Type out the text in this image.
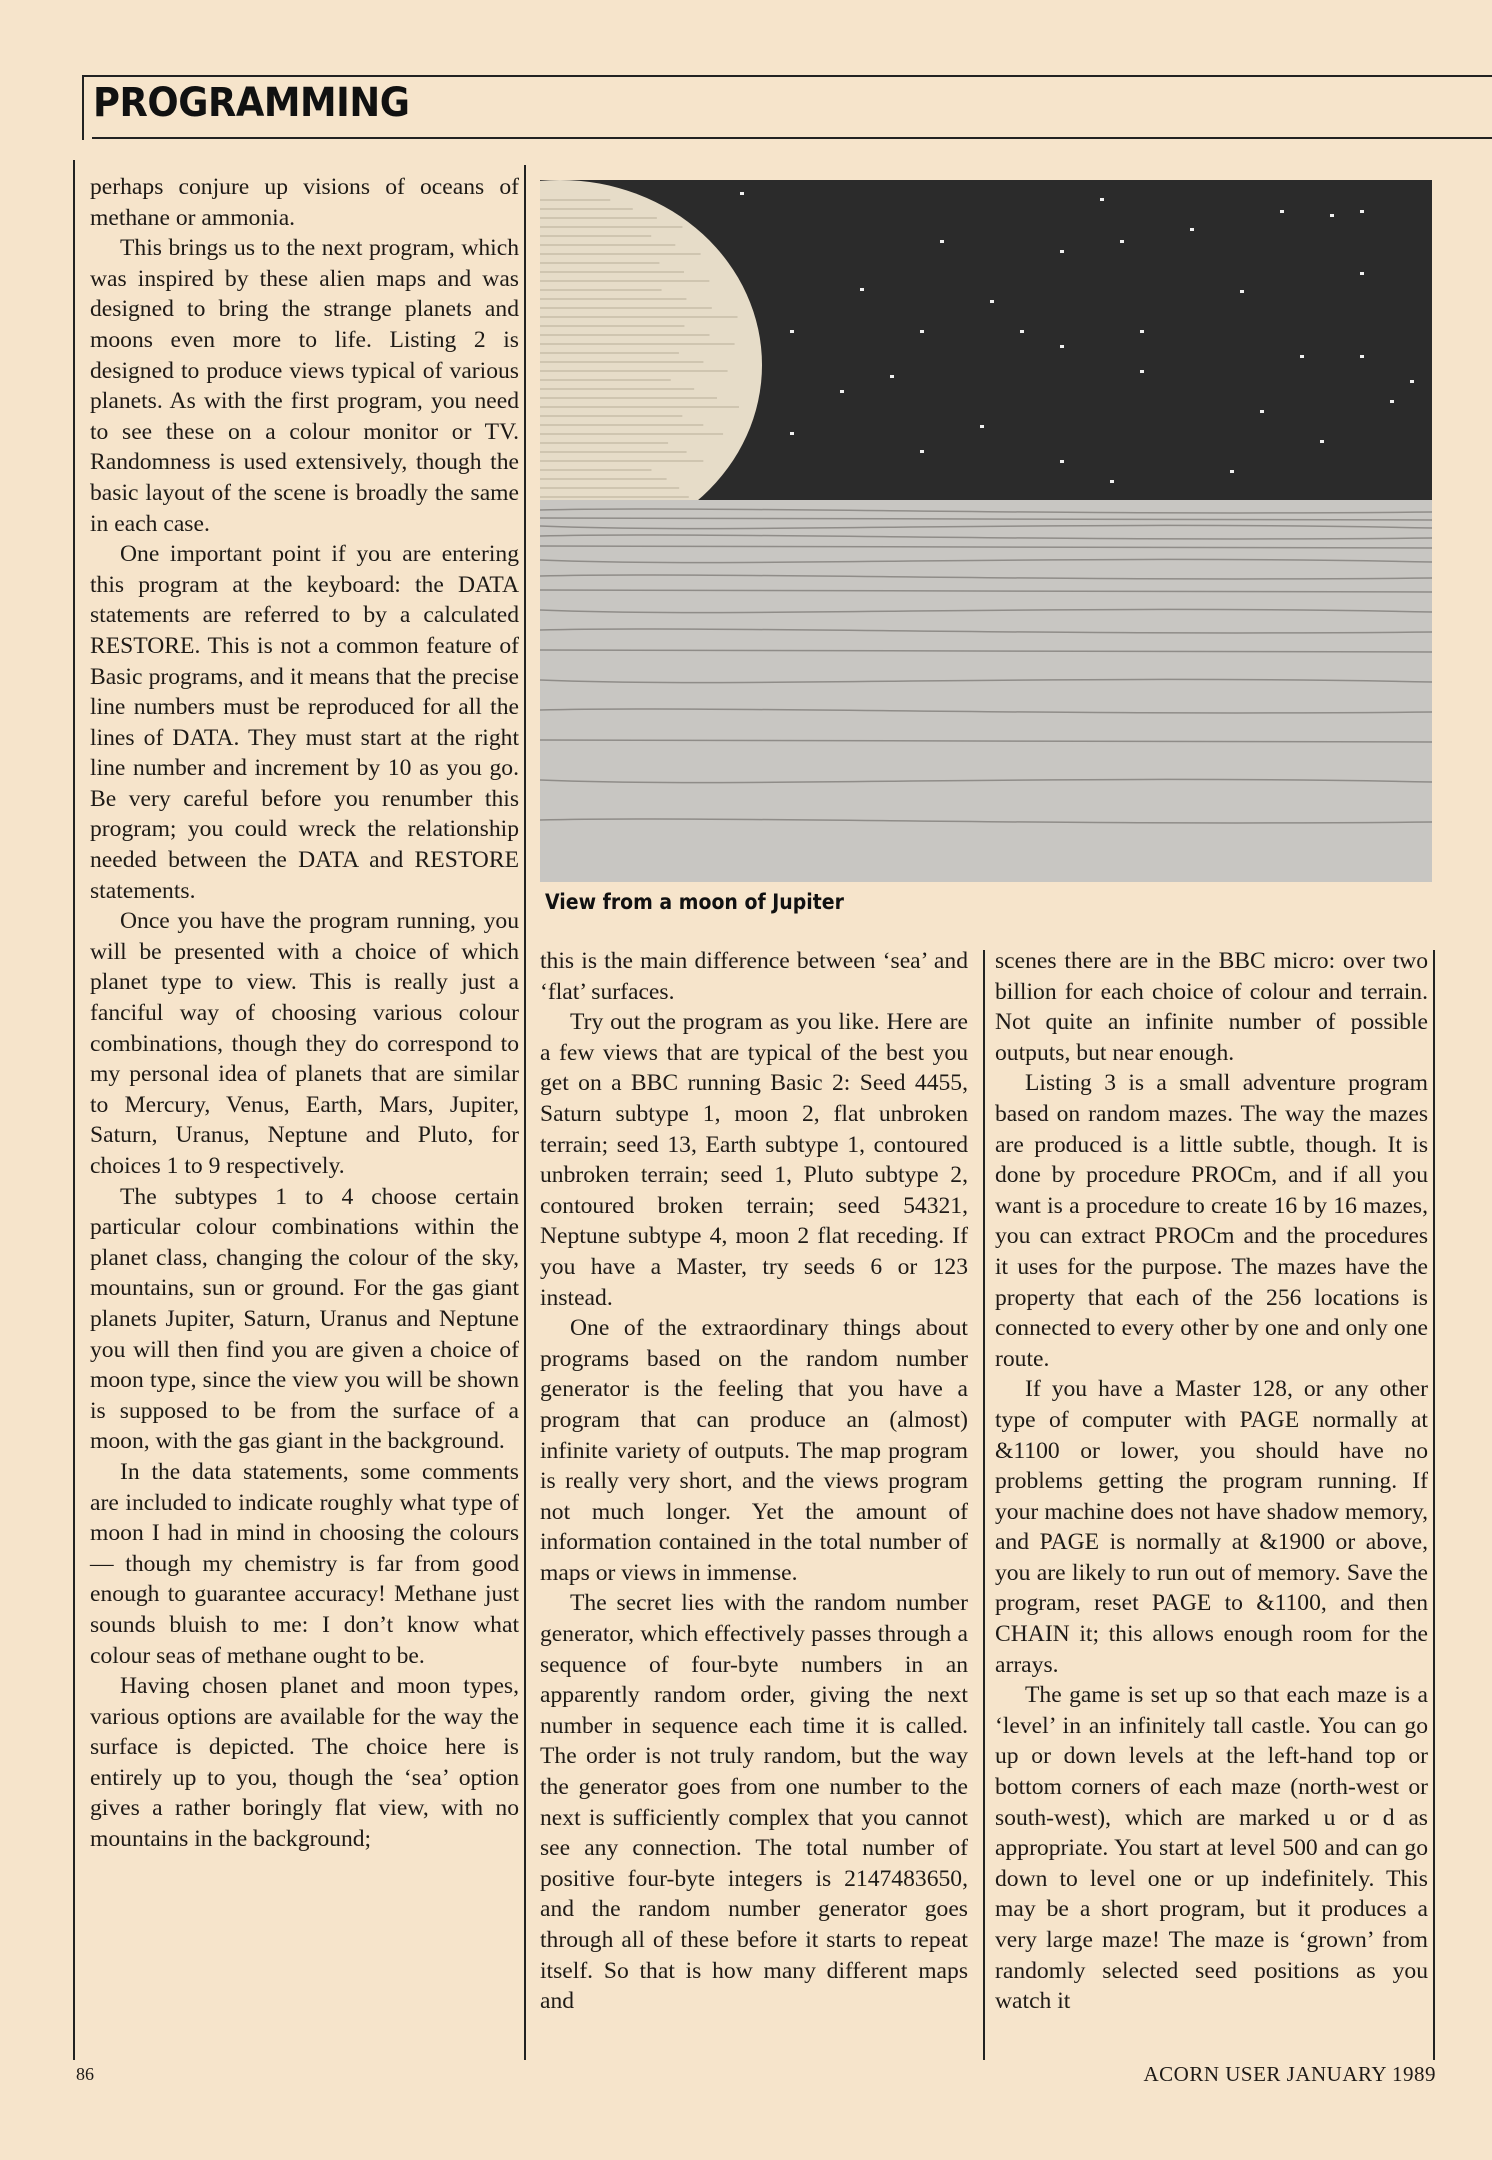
PROGRAMMING

perhaps conjure up visions of oceans of methane or ammonia.

This brings us to the next program, which was inspired by these alien maps and was designed to bring the strange planets and moons even more to life. Listing 2 is designed to produce views typical of various planets. As with the first program, you need to see these on a colour monitor or TV. Randomness is used extensively, though the basic layout of the scene is broadly the same in each case.

One important point if you are entering this program at the keyboard: the DATA statements are referred to by a calculated RESTORE. This is not a common feature of Basic programs, and it means that the precise line numbers must be reproduced for all the lines of DATA. They must start at the right line number and increment by 10 as you go. Be very careful before you renumber this program; you could wreck the relationship needed between the DATA and RESTORE statements.

Once you have the program running, you will be presented with a choice of which planet type to view. This is really just a fanciful way of choosing various colour combinations, though they do correspond to my personal idea of planets that are similar to Mercury, Venus, Earth, Mars, Jupiter, Saturn, Uranus, Neptune and Pluto, for choices 1 to 9 respectively.

The subtypes 1 to 4 choose certain particular colour combinations within the planet class, changing the colour of the sky, mountains, sun or ground. For the gas giant planets Jupiter, Saturn, Uranus and Neptune you will then find you are given a choice of moon type, since the view you will be shown is supposed to be from the surface of a moon, with the gas giant in the background.

In the data statements, some comments are included to indicate roughly what type of moon I had in mind in choosing the colours — though my chemistry is far from good enough to guarantee accuracy! Methane just sounds bluish to me: I don’t know what colour seas of methane ought to be.

Having chosen planet and moon types, various options are available for the way the surface is depicted. The choice here is entirely up to you, though the ‘sea’ option gives a rather boringly flat view, with no mountains in the background;

View from a moon of Jupiter

this is the main difference between ‘sea’ and ‘flat’ surfaces.

Try out the program as you like. Here are a few views that are typical of the best you get on a BBC running Basic 2: Seed 4455, Saturn subtype 1, moon 2, flat unbroken terrain; seed 13, Earth subtype 1, contoured unbroken terrain; seed 1, Pluto subtype 2, contoured broken terrain; seed 54321, Neptune subtype 4, moon 2 flat receding. If you have a Master, try seeds 6 or 123 instead.

One of the extraordinary things about programs based on the random number generator is the feeling that you have a program that can produce an (almost) infinite variety of outputs. The map program is really very short, and the views program not much longer. Yet the amount of information contained in the total number of maps or views in immense.

The secret lies with the random number generator, which effectively passes through a sequence of four-byte numbers in an apparently random order, giving the next number in sequence each time it is called. The order is not truly random, but the way the generator goes from one number to the next is sufficiently complex that you cannot see any connection. The total number of positive four-byte integers is 2147483650, and the random number generator goes through all of these before it starts to repeat itself. So that is how many different maps and

scenes there are in the BBC micro: over two billion for each choice of colour and terrain. Not quite an infinite number of possible outputs, but near enough.

Listing 3 is a small adventure program based on random mazes. The way the mazes are produced is a little subtle, though. It is done by procedure PROCm, and if all you want is a procedure to create 16 by 16 mazes, you can extract PROCm and the procedures it uses for the purpose. The mazes have the property that each of the 256 locations is connected to every other by one and only one route.

If you have a Master 128, or any other type of computer with PAGE normally at &1100 or lower, you should have no problems getting the program running. If your machine does not have shadow memory, and PAGE is normally at &1900 or above, you are likely to run out of memory. Save the program, reset PAGE to &1100, and then CHAIN it; this allows enough room for the arrays.

The game is set up so that each maze is a ‘level’ in an infinitely tall castle. You can go up or down levels at the left-hand top or bottom corners of each maze (north-west or south-west), which are marked u or d as appropriate. You start at level 500 and can go down to level one or up indefinitely. This may be a short program, but it produces a very large maze! The maze is ‘grown’ from randomly selected seed positions as you watch it

86	ACORN USER JANUARY 1989
